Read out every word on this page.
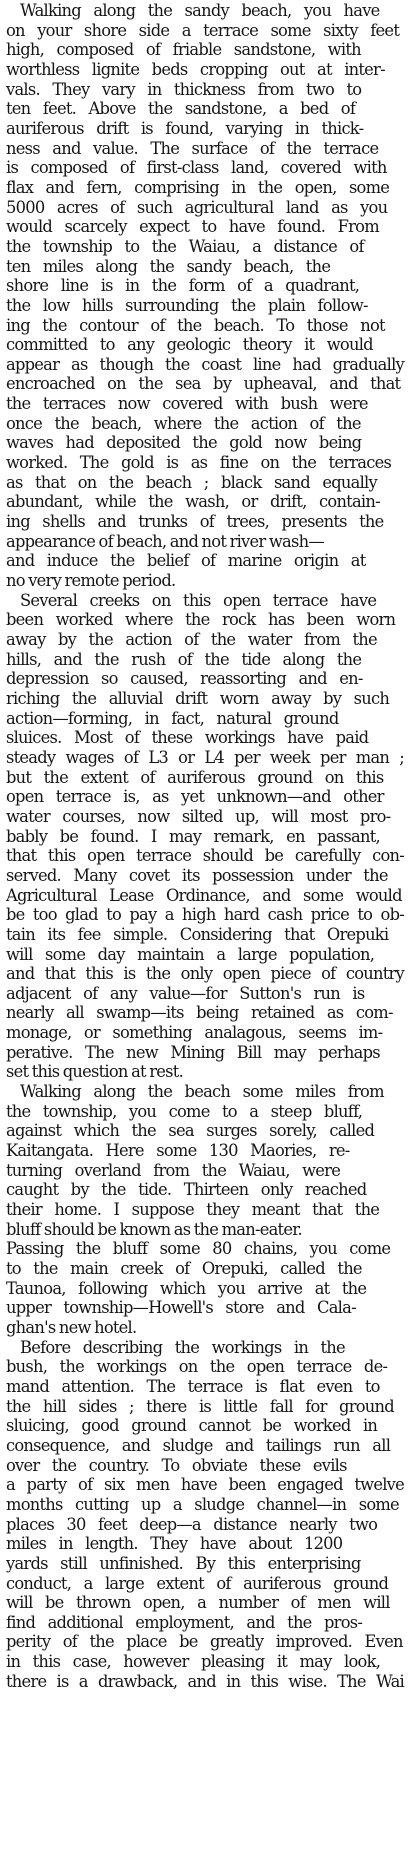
Walking along the sandy beach, you have
on your shore side a terrace some sixty feet
high, composed of friable sandstone, with
worthless lignite beds cropping out at inter-
vals. They vary in thickness from two to
ten feet. Above the sandstone, a bed of
auriferous drift is found, varying in thick-
ness and value. The surface of the terrace
is composed of first-class land, covered with
flax and fern, comprising in the open, some
5000 acres of such agricultural land as you
would scarcely expect to have found. From
the township to the Waiau, a distance of
ten miles along the sandy beach, the
shore line is in the form of a quadrant,
the low hills surrounding the plain follow-
ing the contour of the beach. To those not
committed to any geologic theory it would
appear as though the coast line had gradually
encroached on the sea by upheaval, and that
the terraces now covered with bush were
once the beach, where the action of the
waves had deposited the gold now being
worked. The gold is as fine on the terraces
as that on the beach ; black sand equally
abundant, while the wash, or drift, contain-
ing shells and trunks of trees, presents the
appearance of beach, and not river wash—
and induce the belief of marine origin at
no very remote period.

Several creeks on this open terrace have
been worked where the rock has been worn
away by the action of the water from the
hills, and the rush of the tide along the
depression so caused, reassorting and en-
riching the alluvial drift worn away by such
action—forming, in fact, natural ground
sluices. Most of these workings have paid
steady wages of L3 or L4 per week per man ;
but the extent of auriferous ground on this
open terrace is, as yet unknown—and other
water courses, now silted up, will most pro-
bably be found. I may remark, en passant,
that this open terrace should be carefully con-
served. Many covet its possession under the
Agricultural Lease Ordinance, and some would
be too glad to pay a high hard cash price to ob-
tain its fee simple. Considering that Orepuki
will some day maintain a large population,
and that this is the only open piece of country
adjacent of any value—for Sutton's run is
nearly all swamp—its being retained as com-
monage, or something analagous, seems im-
perative. The new Mining Bill may perhaps
set this question at rest.

Walking along the beach some miles from
the township, you come to a steep bluff,
against which the sea surges sorely, called
Kaitangata. Here some 130 Maories, re-
turning overland from the Waiau, were
caught by the tide. Thirteen only reached
their home. I suppose they meant that the
bluff should be known as the man-eater.
Passing the bluff some 80 chains, you come
to the main creek of Orepuki, called the
Taunoa, following which you arrive at the
upper township—Howell's store and Cala-
ghan's new hotel.

Before describing the workings in the
bush, the workings on the open terrace de-
mand attention. The terrace is flat even to
the hill sides ; there is little fall for ground
sluicing, good ground cannot be worked in
consequence, and sludge and tailings run all
over the country. To obviate these evils
a party of six men have been engaged twelve
months cutting up a sludge channel—in some
places 30 feet deep—a distance nearly two
miles in length. They have about 1200
yards still unfinished. By this enterprising
conduct, a large extent of auriferous ground
will be thrown open, a number of men will
find additional employment, and the pros-
perity of the place be greatly improved. Even
in this case, however pleasing it may look,
there is a drawback, and in this wise. The Wai
